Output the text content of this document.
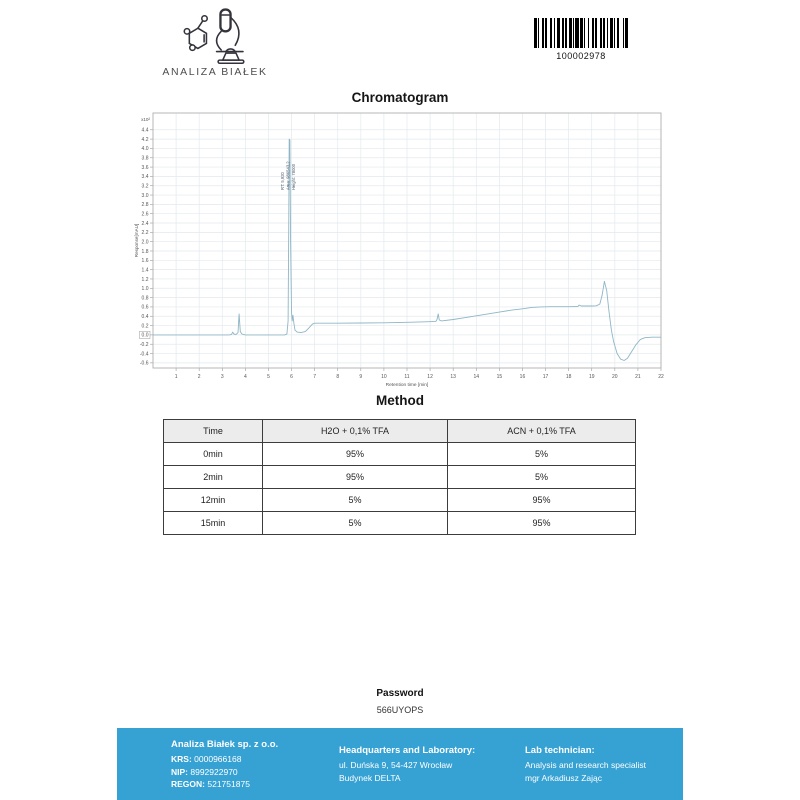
ANALIZA BIAŁEK
100002978
Chromatogram
4.4
4.2
4.0
3.8
3.6
3.4
3.2
3.0
2.8
2.6
2.4
2.2
2.0
1.8
1.6
1.4
1.2
1.0
0.8
0.6
0.4
0.2
0.0
-0.2
-0.4
-0.6
1	2	3	4	5	6	7	8	9	10	11	12	13	14	15	16	17	18	19	20	21	22
x10²
Retention time [min]
Response[mAU]
RT: 5,920 Area: 986543,2 Height: 78000
Method
Time	H2O + 0,1% TFA	ACN + 0,1% TFA
0min	95%	5%
2min	95%	5%
12min	5%	95%
15min	5%	95%
Password
566UYOPS
Analiza Białek sp. z o.o.
KRS: 0000966168
NIP: 8992922970
REGON: 521751875
Headquarters and Laboratory:
ul. Duńska 9, 54-427 Wrocław
Budynek DELTA
Lab technician:
Analysis and research specialist
mgr Arkadiusz Zając
